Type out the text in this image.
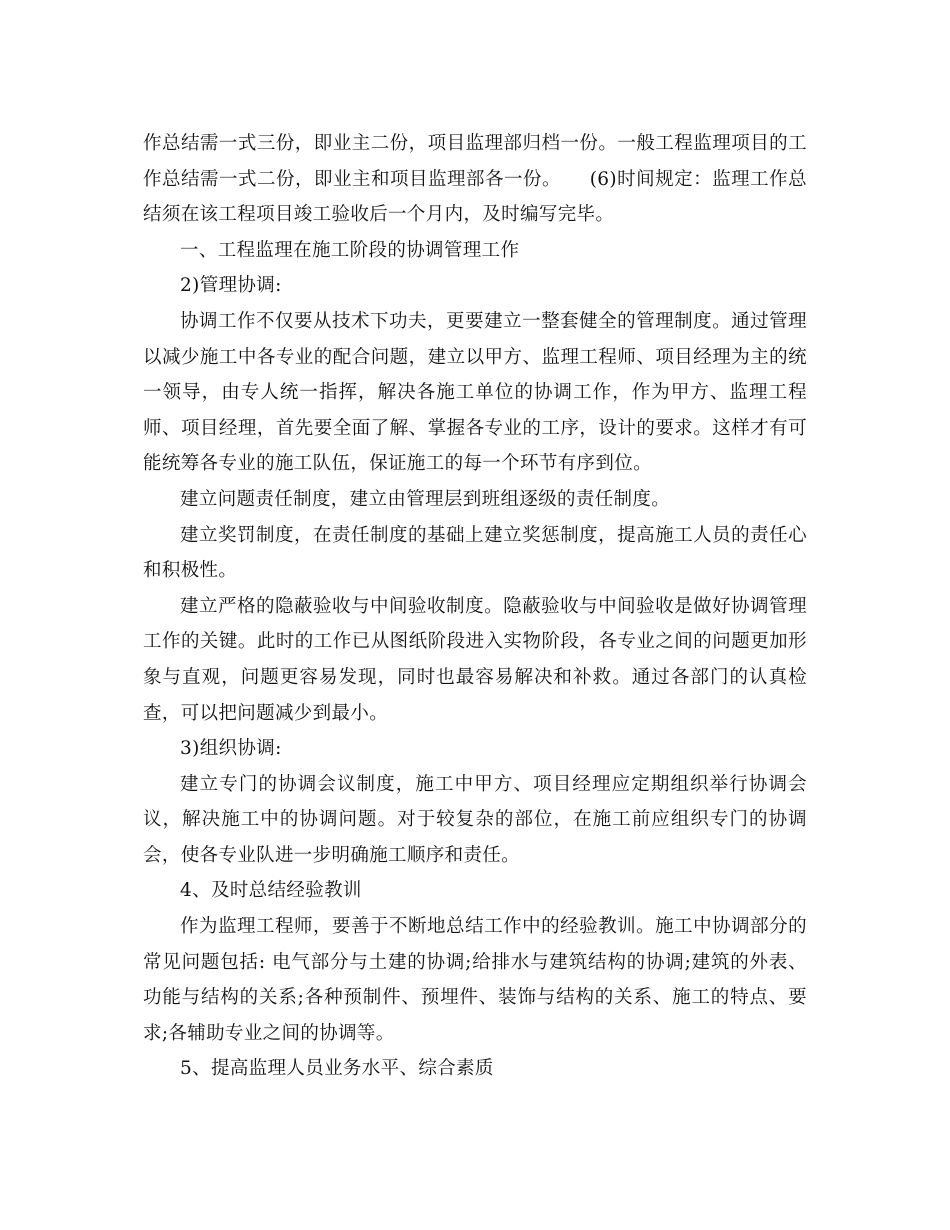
作总结需一式三份，即业主二份，项目监理部归档一份。一般工程监理项目的工作总结需一式二份，即业主和项目监理部各一份。　　(6)时间规定：监理工作总结须在该工程项目竣工验收后一个月内，及时编写完毕。

一、工程监理在施工阶段的协调管理工作

2)管理协调:

协调工作不仅要从技术下功夫，更要建立一整套健全的管理制度。通过管理以减少施工中各专业的配合问题，建立以甲方、监理工程师、项目经理为主的统一领导，由专人统一指挥，解决各施工单位的协调工作，作为甲方、监理工程师、项目经理，首先要全面了解、掌握各专业的工序，设计的要求。这样才有可能统筹各专业的施工队伍，保证施工的每一个环节有序到位。

建立问题责任制度，建立由管理层到班组逐级的责任制度。

建立奖罚制度，在责任制度的基础上建立奖惩制度，提高施工人员的责任心和积极性。

建立严格的隐蔽验收与中间验收制度。隐蔽验收与中间验收是做好协调管理工作的关键。此时的工作已从图纸阶段进入实物阶段，各专业之间的问题更加形象与直观，问题更容易发现，同时也最容易解决和补救。通过各部门的认真检查，可以把问题减少到最小。

3)组织协调:

建立专门的协调会议制度，施工中甲方、项目经理应定期组织举行协调会议，解决施工中的协调问题。对于较复杂的部位，在施工前应组织专门的协调会，使各专业队进一步明确施工顺序和责任。

4、及时总结经验教训

作为监理工程师，要善于不断地总结工作中的经验教训。施工中协调部分的常见问题包括: 电气部分与土建的协调;给排水与建筑结构的协调;建筑的外表、功能与结构的关系;各种预制件、预埋件、装饰与结构的关系、施工的特点、要求;各辅助专业之间的协调等。

5、提高监理人员业务水平、综合素质
